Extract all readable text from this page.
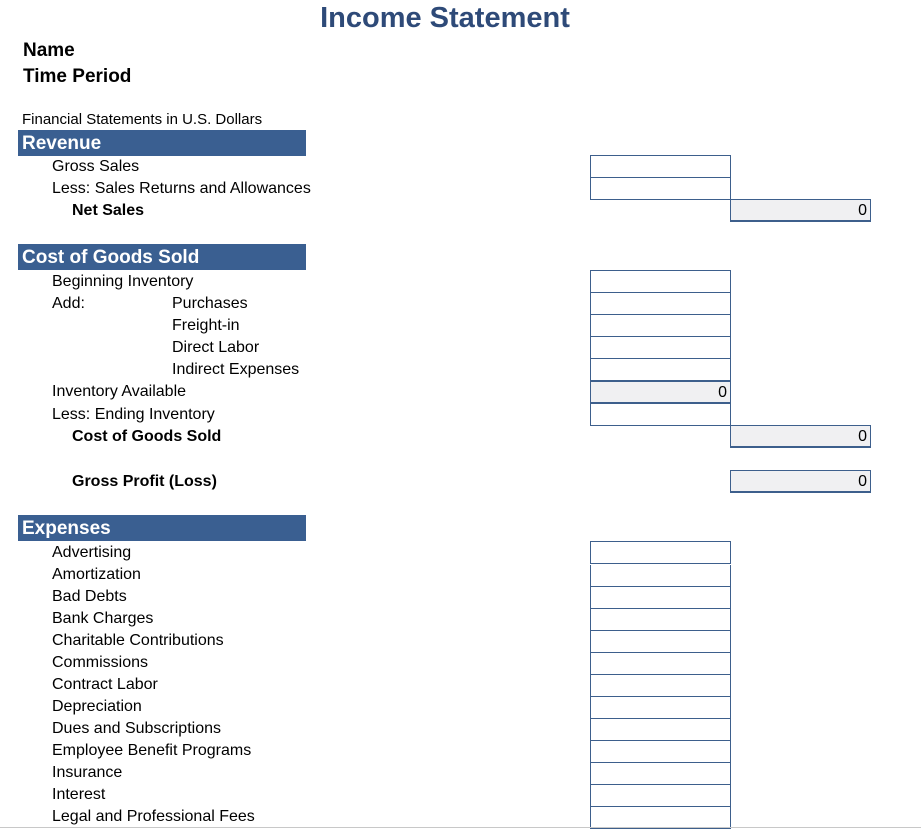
Income Statement
Name
Time Period
Financial Statements in U.S. Dollars
Revenue
Gross Sales
Less: Sales Returns and Allowances
Net Sales	0
Cost of Goods Sold
Beginning Inventory
Add:	Purchases
Freight-in
Direct Labor
Indirect Expenses
Inventory Available	0
Less: Ending Inventory
Cost of Goods Sold	0
Gross Profit (Loss)	0
Expenses
Advertising
Amortization
Bad Debts
Bank Charges
Charitable Contributions
Commissions
Contract Labor
Depreciation
Dues and Subscriptions
Employee Benefit Programs
Insurance
Interest
Legal and Professional Fees
